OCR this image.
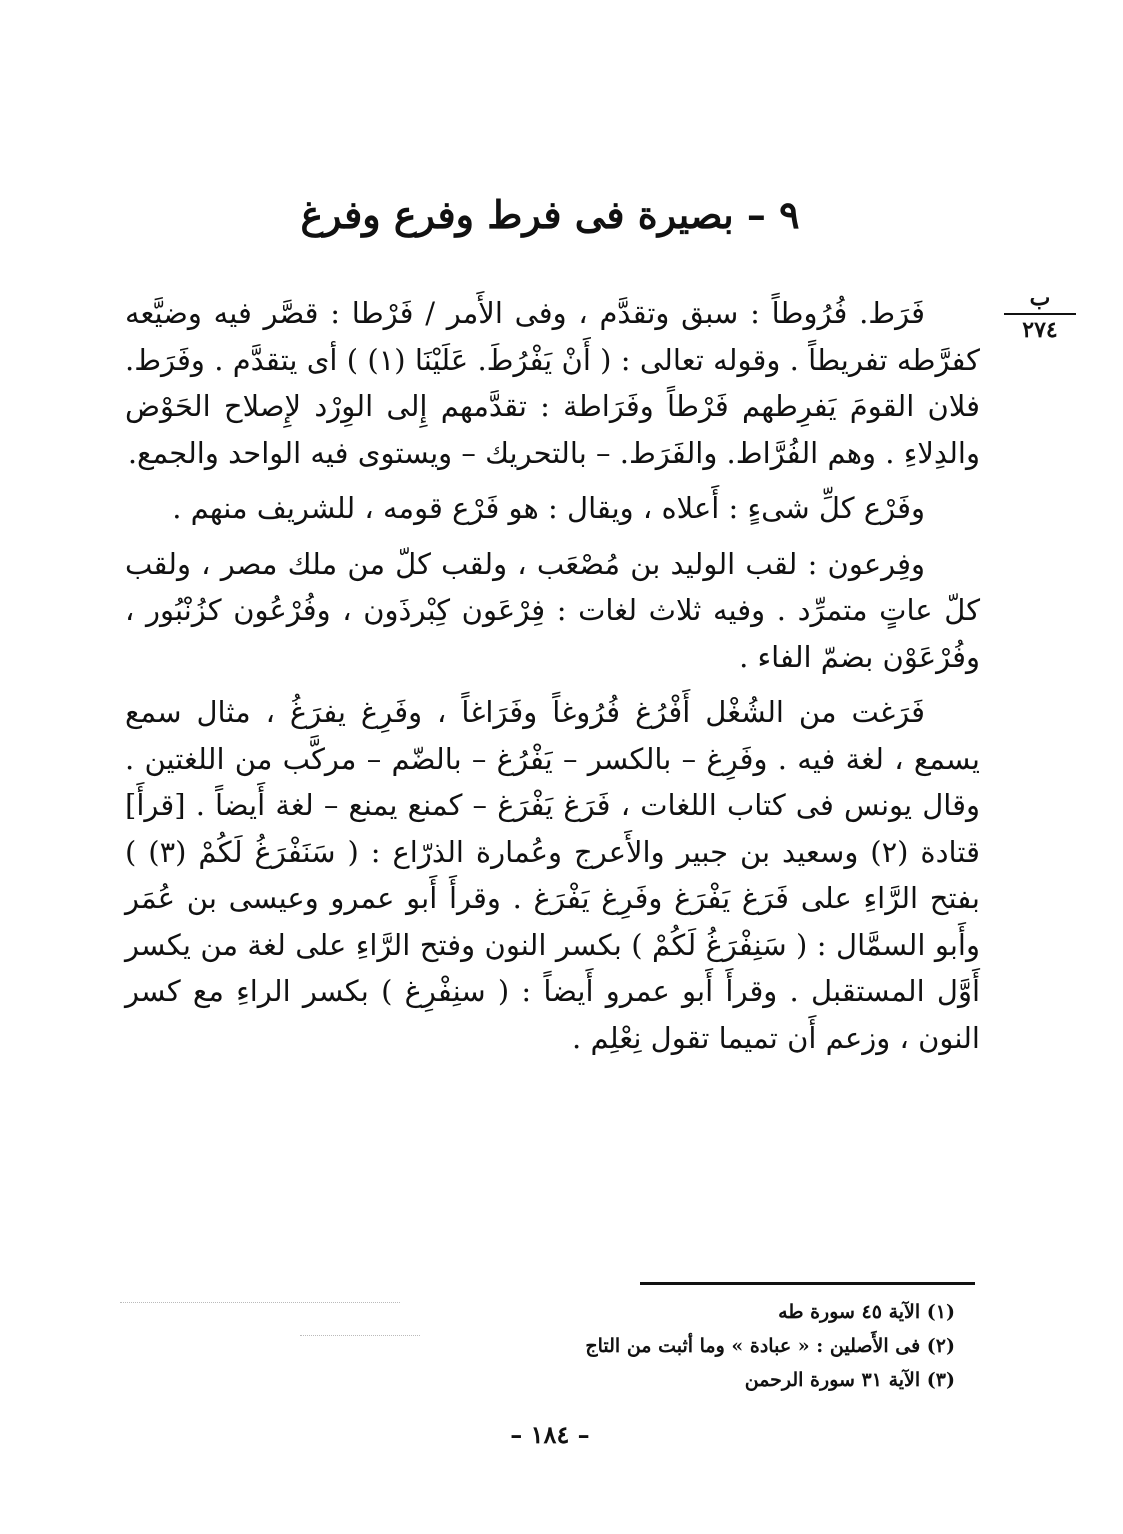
٩ – بصيرة فى فرط وفرع وفرغ
ب
٢٧٤

فَرَط. فُرُوطاً : سبق وتقدَّم ، وفى الأَمر / فَرْطا : قصَّر فيه وضيَّعه كفرَّطه تفريطاً . وقوله تعالى : ( أَنْ يَفْرُطَ. عَلَيْنَا (١) ) أى يتقدَّم . وفَرَط. فلان القومَ يَفرِطهم فَرْطاً وفَرَاطة : تقدَّمهم إِلى الوِرْد لإِصلاح الحَوْض والدِلاءِ . وهم الفُرَّاط. والفَرَط. – بالتحريك – ويستوى فيه الواحد والجمع.

وفَرْع كلِّ شىءٍ : أَعلاه ، ويقال : هو فَرْع قومه ، للشريف منهم .

وفِرعون : لقب الوليد بن مُصْعَب ، ولقب كلّ من ملك مصر ، ولقب كلّ عاتٍ متمرِّد . وفيه ثلاث لغات : فِرْعَون كِبْرذَون ، وفُرْعُون كزُنْبُور ، وفُرْعَوْن بضمّ الفاء .

فَرَغت من الشُغْل أَفْرُغ فُرُوغاً وفَرَاغاً ، وفَرِغ يفرَغُ ، مثال سمع يسمع ، لغة فيه . وفَرِغ – بالكسر – يَفْرُغ – بالضّم – مركَّب من اللغتين . وقال يونس فى كتاب اللغات ، فَرَغ يَفْرَغ – كمنع يمنع – لغة أَيضاً . [قرأَ] قتادة (٢) وسعيد بن جبير والأَعرج وعُمارة الذرّاع : ( سَنَفْرَغُ لَكُمْ (٣) ) بفتح الرَّاءِ على فَرَغ يَفْرَغ وفَرِغ يَفْرَغ . وقرأَ أَبو عمرو وعيسى بن عُمَر وأَبو السمَّال : ( سَنِفْرَغُ لَكُمْ ) بكسر النون وفتح الرَّاءِ على لغة من يكسر أَوَّل المستقبل . وقرأَ أَبو عمرو أَيضاً : ( سنِفْرِغ ) بكسر الراءِ مع كسر النون ، وزعم أَن تميما تقول نِعْلِم .

(١) الآية ٤٥ سورة طه
(٢) فى الأَصلين : « عبادة » وما أثبت من التاج
(٣) الآية ٣١ سورة الرحمن
– ١٨٤ –
